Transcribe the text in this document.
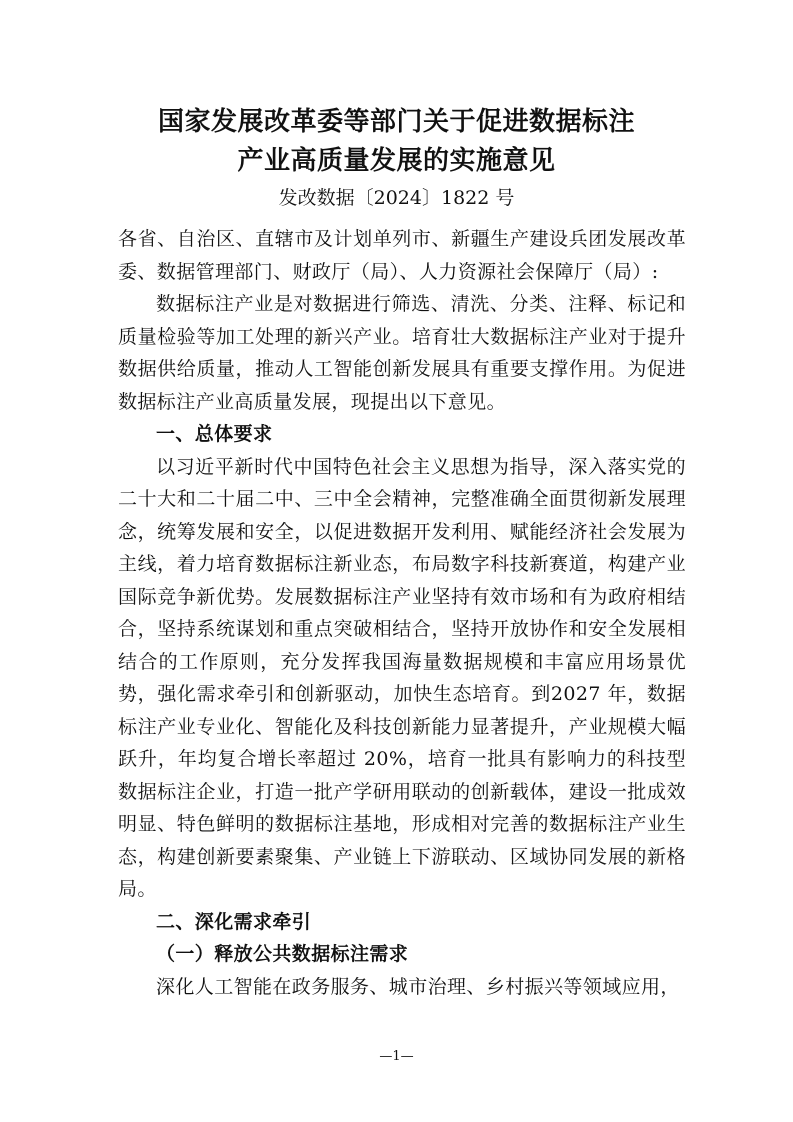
国家发展改革委等部门关于促进数据标注
产业高质量发展的实施意见
发改数据〔2024〕1822 号

各省、自治区、直辖市及计划单列市、新疆生产建设兵团发展改革委、数据管理部门、财政厅（局）、人力资源社会保障厅（局）:

数据标注产业是对数据进行筛选、清洗、分类、注释、标记和质量检验等加工处理的新兴产业。培育壮大数据标注产业对于提升数据供给质量，推动人工智能创新发展具有重要支撑作用。为促进数据标注产业高质量发展，现提出以下意见。

一、总体要求

以习近平新时代中国特色社会主义思想为指导，深入落实党的二十大和二十届二中、三中全会精神，完整准确全面贯彻新发展理念，统筹发展和安全，以促进数据开发利用、赋能经济社会发展为主线，着力培育数据标注新业态，布局数字科技新赛道，构建产业国际竞争新优势。发展数据标注产业坚持有效市场和有为政府相结合，坚持系统谋划和重点突破相结合，坚持开放协作和安全发展相结合的工作原则，充分发挥我国海量数据规模和丰富应用场景优势，强化需求牵引和创新驱动，加快生态培育。到2027 年，数据标注产业专业化、智能化及科技创新能力显著提升，产业规模大幅跃升，年均复合增长率超过 20%，培育一批具有影响力的科技型数据标注企业，打造一批产学研用联动的创新载体，建设一批成效明显、特色鲜明的数据标注基地，形成相对完善的数据标注产业生态，构建创新要素聚集、产业链上下游联动、区域协同发展的新格局。

二、深化需求牵引

（一）释放公共数据标注需求

深化人工智能在政务服务、城市治理、乡村振兴等领域应用，

—1—
